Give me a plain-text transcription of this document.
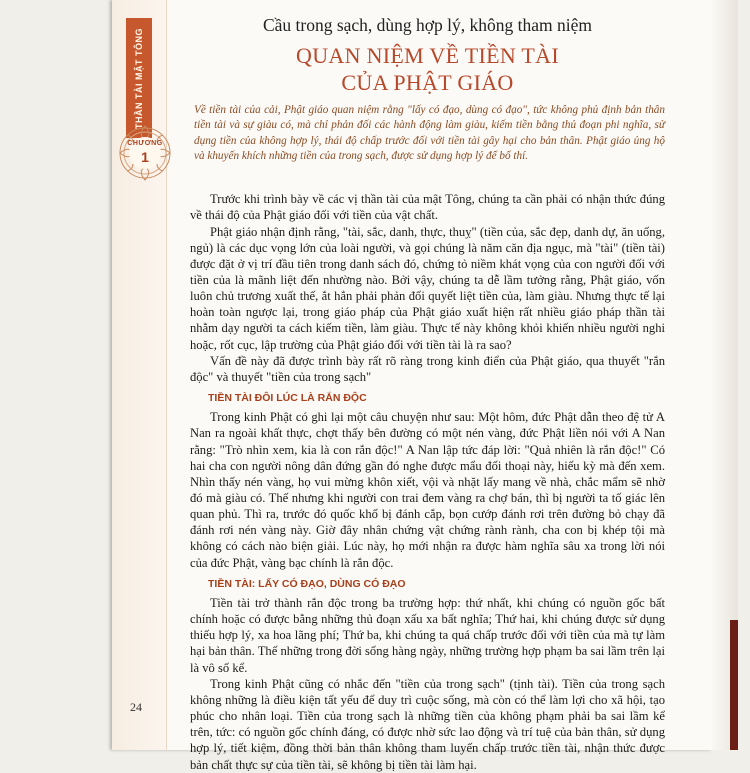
THẦN TÀI MẬT TÔNG
CHƯƠNG
1
Cầu trong sạch, dùng hợp lý, không tham niệm
QUAN NIỆM VỀ TIỀN TÀI
CỦA PHẬT GIÁO
Về tiền tài của cải, Phật giáo quan niệm rằng "lấy có đạo, dùng có đạo", tức không phủ định bản thân tiền tài và sự giàu có, mà chỉ phản đối các hành động làm giàu, kiếm tiền bằng thủ đoạn phi nghĩa, sử dụng tiền của không hợp lý, thái độ chấp trước đối với tiền tài gây hại cho bản thân. Phật giáo ủng hộ và khuyến khích những tiền của trong sạch, được sử dụng hợp lý để bố thí.

Trước khi trình bày về các vị thần tài của mật Tông, chúng ta cần phải có nhận thức đúng về thái độ của Phật giáo đối với tiền của vật chất.

Phật giáo nhận định rằng, "tài, sắc, danh, thực, thuỵ" (tiền của, sắc đẹp, danh dự, ăn uống, ngủ) là các dục vọng lớn của loài người, và gọi chúng là năm căn địa ngục, mà "tài" (tiền tài) được đặt ở vị trí đầu tiên trong danh sách đó, chứng tỏ niềm khát vọng của con người đối với tiền của là mãnh liệt đến nhường nào. Bởi vậy, chúng ta dễ lầm tưởng rằng, Phật giáo, vốn luôn chủ trương xuất thế, ắt hẳn phải phản đối quyết liệt tiền của, làm giàu. Nhưng thực tế lại hoàn toàn ngược lại, trong giáo pháp của Phật giáo xuất hiện rất nhiều giáo pháp thần tài nhằm dạy người ta cách kiếm tiền, làm giàu. Thực tế này không khỏi khiến nhiều người nghi hoặc, rốt cục, lập trường của Phật giáo đối với tiền tài là ra sao?

Vấn đề này đã được trình bày rất rõ ràng trong kinh điển của Phật giáo, qua thuyết "rắn độc" và thuyết "tiền của trong sạch"

TIỀN TÀI ĐÔI LÚC LÀ RẮN ĐỘC

Trong kinh Phật có ghi lại một câu chuyện như sau: Một hôm, đức Phật dẫn theo đệ tử A Nan ra ngoài khất thực, chợt thấy bên đường có một nén vàng, đức Phật liền nói với A Nan rằng: "Trò nhìn xem, kia là con rắn độc!" A Nan lập tức đáp lời: "Quả nhiên là rắn độc!" Có hai cha con người nông dân đứng gần đó nghe được mẩu đối thoại này, hiếu kỳ mà đến xem. Nhìn thấy nén vàng, họ vui mừng khôn xiết, vội và nhặt lấy mang về nhà, chắc mẩm sẽ nhờ đó mà giàu có. Thế nhưng khi người con trai đem vàng ra chợ bán, thì bị người ta tố giác lên quan phủ. Thì ra, trước đó quốc khố bị đánh cắp, bọn cướp đánh rơi trên đường bỏ chạy đã đánh rơi nén vàng này. Giờ đây nhân chứng vật chứng rành rành, cha con bị khép tội mà không có cách nào biện giải. Lúc này, họ mới nhận ra được hàm nghĩa sâu xa trong lời nói của đức Phật, vàng bạc chính là rắn độc.

TIỀN TÀI: LẤY CÓ ĐẠO, DÙNG CÓ ĐẠO

Tiền tài trở thành rắn độc trong ba trường hợp: thứ nhất, khi chúng có nguồn gốc bất chính hoặc có được bằng những thủ đoạn xấu xa bất nghĩa; Thứ hai, khi chúng được sử dụng thiếu hợp lý, xa hoa lãng phí; Thứ ba, khi chúng ta quá chấp trước đối với tiền của mà tự làm hại bản thân. Thế những trong đời sống hàng ngày, những trường hợp phạm ba sai lầm trên lại là vô số kể.

Trong kinh Phật cũng có nhắc đến "tiền của trong sạch" (tịnh tài). Tiền của trong sạch không những là điều kiện tất yếu để duy trì cuộc sống, mà còn có thể làm lợi cho xã hội, tạo phúc cho nhân loại. Tiền của trong sạch là những tiền của không phạm phải ba sai lầm kể trên, tức: có nguồn gốc chính đáng, có được nhờ sức lao động và trí tuệ của bản thân, sử dụng hợp lý, tiết kiệm, đồng thời bản thân không tham luyến chấp trước tiền tài, nhận thức được bản chất thực sự của tiền tài, sẽ không bị tiền tài làm hại.

24
